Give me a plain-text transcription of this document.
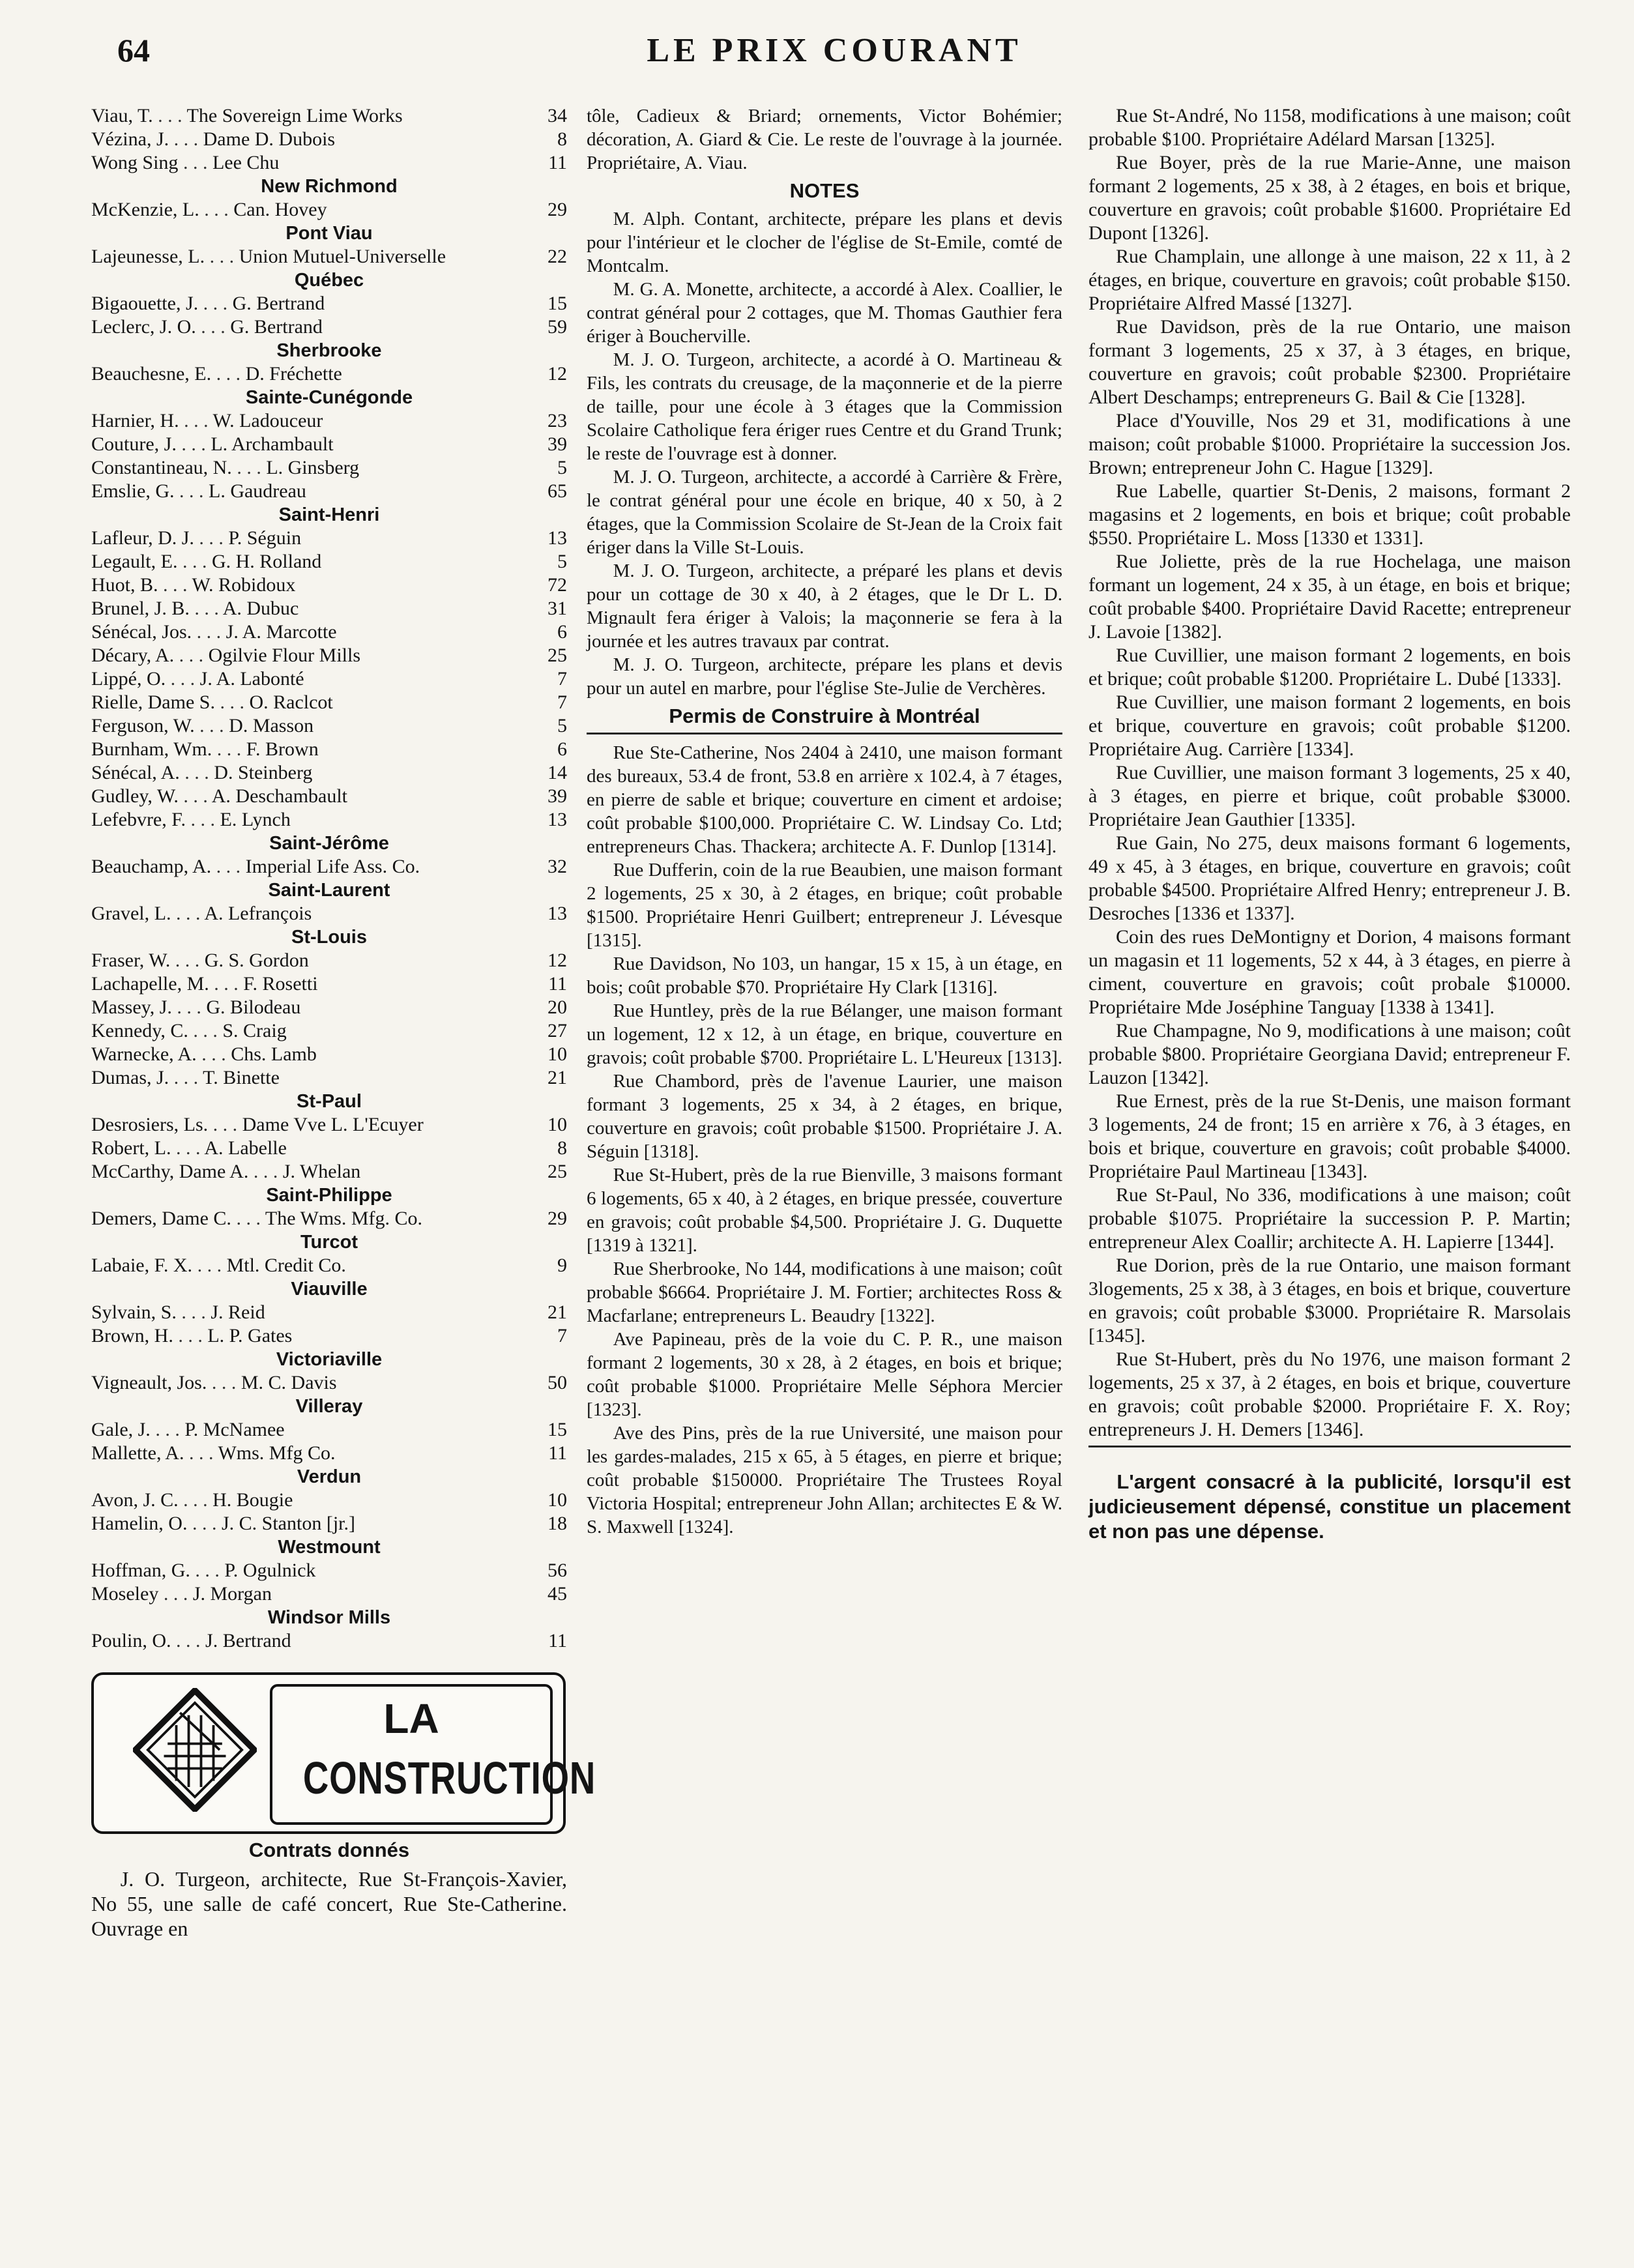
64	LE PRIX COURANT
Viau, T. . . . The Sovereign Lime Works	34
Vézina, J. . . . Dame D. Dubois	8
Wong Sing . . . Lee Chu	11
New Richmond
McKenzie, L. . . . Can. Hovey	29
Pont Viau
Lajeunesse, L. . . . Union Mutuel-Universelle	22
Québec
Bigaouette, J. . . . G. Bertrand	15
Leclerc, J. O. . . . G. Bertrand	59
Sherbrooke
Beauchesne, E. . . . D. Fréchette	12
Sainte-Cunégonde
Harnier, H. . . . W. Ladouceur	23
Couture, J. . . . L. Archambault	39
Constantineau, N. . . . L. Ginsberg	5
Emslie, G. . . . L. Gaudreau	65
Saint-Henri
Lafleur, D. J. . . . P. Séguin	13
Legault, E. . . . G. H. Rolland	5
Huot, B. . . . W. Robidoux	72
Brunel, J. B. . . . A. Dubuc	31
Sénécal, Jos. . . . J. A. Marcotte	6
Décary, A. . . . Ogilvie Flour Mills	25
Lippé, O. . . . J. A. Labonté	7
Rielle, Dame S. . . . O. Raclcot	7
Ferguson, W. . . . D. Masson	5
Burnham, Wm. . . . F. Brown	6
Sénécal, A. . . . D. Steinberg	14
Gudley, W. . . . A. Deschambault	39
Lefebvre, F. . . . E. Lynch	13
Saint-Jérôme
Beauchamp, A. . . . Imperial Life Ass. Co.	32
Saint-Laurent
Gravel, L. . . . A. Lefrançois	13
St-Louis
Fraser, W. . . . G. S. Gordon	12
Lachapelle, M. . . . F. Rosetti	11
Massey, J. . . . G. Bilodeau	20
Kennedy, C. . . . S. Craig	27
Warnecke, A. . . . Chs. Lamb	10
Dumas, J. . . . T. Binette	21
St-Paul
Desrosiers, Ls. . . . Dame Vve L. L'Ecuyer	10
Robert, L. . . . A. Labelle	8
McCarthy, Dame A. . . . J. Whelan	25
Saint-Philippe
Demers, Dame C. . . . The Wms. Mfg. Co.	29
Turcot
Labaie, F. X. . . . Mtl. Credit Co.	9
Viauville
Sylvain, S. . . . J. Reid	21
Brown, H. . . . L. P. Gates	7
Victoriaville
Vigneault, Jos. . . . M. C. Davis	50
Villeray
Gale, J. . . . P. McNamee	15
Mallette, A. . . . Wms. Mfg Co.	11
Verdun
Avon, J. C. . . . H. Bougie	10
Hamelin, O. . . . J. C. Stanton [jr.]	18
Westmount
Hoffman, G. . . . P. Ogulnick	56
Moseley . . . J. Morgan	45
Windsor Mills
Poulin, O. . . . J. Bertrand	11
LA
CONSTRUCTION
Contrats donnés

J. O. Turgeon, architecte, Rue St-François-Xavier, No 55, une salle de café concert, Rue Ste-Catherine. Ouvrage en

tôle, Cadieux & Briard; ornements, Victor Bohémier; décoration, A. Giard & Cie. Le reste de l'ouvrage à la journée. Propriétaire, A. Viau.

NOTES

M. Alph. Contant, architecte, prépare les plans et devis pour l'intérieur et le clocher de l'église de St-Emile, comté de Montcalm.

M. G. A. Monette, architecte, a accordé à Alex. Coallier, le contrat général pour 2 cottages, que M. Thomas Gauthier fera ériger à Boucherville.

M. J. O. Turgeon, architecte, a acordé à O. Martineau & Fils, les contrats du creusage, de la maçonnerie et de la pierre de taille, pour une école à 3 étages que la Commission Scolaire Catholique fera ériger rues Centre et du Grand Trunk; le reste de l'ouvrage est à donner.

M. J. O. Turgeon, architecte, a accordé à Carrière & Frère, le contrat général pour une école en brique, 40 x 50, à 2 étages, que la Commission Scolaire de St-Jean de la Croix fait ériger dans la Ville St-Louis.

M. J. O. Turgeon, architecte, a préparé les plans et devis pour un cottage de 30 x 40, à 2 étages, que le Dr L. D. Mignault fera ériger à Valois; la maçonnerie se fera à la journée et les autres travaux par contrat.

M. J. O. Turgeon, architecte, prépare les plans et devis pour un autel en marbre, pour l'église Ste-Julie de Verchères.

Permis de Construire à Montréal

Rue Ste-Catherine, Nos 2404 à 2410, une maison formant des bureaux, 53.4 de front, 53.8 en arrière x 102.4, à 7 étages, en pierre de sable et brique; couverture en ciment et ardoise; coût probable $100,000. Propriétaire C. W. Lindsay Co. Ltd; entrepreneurs Chas. Thackera; architecte A. F. Dunlop [1314].

Rue Dufferin, coin de la rue Beaubien, une maison formant 2 logements, 25 x 30, à 2 étages, en brique; coût probable $1500. Propriétaire Henri Guilbert; entrepreneur J. Lévesque [1315].

Rue Davidson, No 103, un hangar, 15 x 15, à un étage, en bois; coût probable $70. Propriétaire Hy Clark [1316].

Rue Huntley, près de la rue Bélanger, une maison formant un logement, 12 x 12, à un étage, en brique, couverture en gravois; coût probable $700. Propriétaire L. L'Heureux [1313].

Rue Chambord, près de l'avenue Laurier, une maison formant 3 logements, 25 x 34, à 2 étages, en brique, couverture en gravois; coût probable $1500. Propriétaire J. A. Séguin [1318].

Rue St-Hubert, près de la rue Bienville, 3 maisons formant 6 logements, 65 x 40, à 2 étages, en brique pressée, couverture en gravois; coût probable $4,500. Propriétaire J. G. Duquette [1319 à 1321].

Rue Sherbrooke, No 144, modifications à une maison; coût probable $6664. Propriétaire J. M. Fortier; architectes Ross & Macfarlane; entrepreneurs L. Beaudry [1322].

Ave Papineau, près de la voie du C. P. R., une maison formant 2 logements, 30 x 28, à 2 étages, en bois et brique; coût probable $1000. Propriétaire Melle Séphora Mercier [1323].

Ave des Pins, près de la rue Université, une maison pour les gardes-malades, 215 x 65, à 5 étages, en pierre et brique; coût probable $150000. Propriétaire The Trustees Royal Victoria Hospital; entrepreneur John Allan; architectes E & W. S. Maxwell [1324].

Rue St-André, No 1158, modifications à une maison; coût probable $100. Propriétaire Adélard Marsan [1325].

Rue Boyer, près de la rue Marie-Anne, une maison formant 2 logements, 25 x 38, à 2 étages, en bois et brique, couverture en gravois; coût probable $1600. Propriétaire Ed Dupont [1326].

Rue Champlain, une allonge à une maison, 22 x 11, à 2 étages, en brique, couverture en gravois; coût probable $150. Propriétaire Alfred Massé [1327].

Rue Davidson, près de la rue Ontario, une maison formant 3 logements, 25 x 37, à 3 étages, en brique, couverture en gravois; coût probable $2300. Propriétaire Albert Deschamps; entrepreneurs G. Bail & Cie [1328].

Place d'Youville, Nos 29 et 31, modifications à une maison; coût probable $1000. Propriétaire la succession Jos. Brown; entrepreneur John C. Hague [1329].

Rue Labelle, quartier St-Denis, 2 maisons, formant 2 magasins et 2 logements, en bois et brique; coût probable $550. Propriétaire L. Moss [1330 et 1331].

Rue Joliette, près de la rue Hochelaga, une maison formant un logement, 24 x 35, à un étage, en bois et brique; coût probable $400. Propriétaire David Racette; entrepreneur J. Lavoie [1382].

Rue Cuvillier, une maison formant 2 logements, en bois et brique; coût probable $1200. Propriétaire L. Dubé [1333].

Rue Cuvillier, une maison formant 2 logements, en bois et brique, couverture en gravois; coût probable $1200. Propriétaire Aug. Carrière [1334].

Rue Cuvillier, une maison formant 3 logements, 25 x 40, à 3 étages, en pierre et brique, coût probable $3000. Propriétaire Jean Gauthier [1335].

Rue Gain, No 275, deux maisons formant 6 logements, 49 x 45, à 3 étages, en brique, couverture en gravois; coût probable $4500. Propriétaire Alfred Henry; entrepreneur J. B. Desroches [1336 et 1337].

Coin des rues DeMontigny et Dorion, 4 maisons formant un magasin et 11 logements, 52 x 44, à 3 étages, en pierre à ciment, couverture en gravois; coût probale $10000. Propriétaire Mde Joséphine Tanguay [1338 à 1341].

Rue Champagne, No 9, modifications à une maison; coût probable $800. Propriétaire Georgiana David; entrepreneur F. Lauzon [1342].

Rue Ernest, près de la rue St-Denis, une maison formant 3 logements, 24 de front; 15 en arrière x 76, à 3 étages, en bois et brique, couverture en gravois; coût probable $4000. Propriétaire Paul Martineau [1343].

Rue St-Paul, No 336, modifications à une maison; coût probable $1075. Propriétaire la succession P. P. Martin; entrepreneur Alex Coallir; architecte A. H. Lapierre [1344].

Rue Dorion, près de la rue Ontario, une maison formant 3logements, 25 x 38, à 3 étages, en bois et brique, couverture en gravois; coût probable $3000. Propriétaire R. Marsolais [1345].

Rue St-Hubert, près du No 1976, une maison formant 2 logements, 25 x 37, à 2 étages, en bois et brique, couverture en gravois; coût probable $2000. Propriétaire F. X. Roy; entrepreneurs J. H. Demers [1346].

L'argent consacré à la publicité, lorsqu'il est judicieusement dépensé, constitue un placement et non pas une dépense.
